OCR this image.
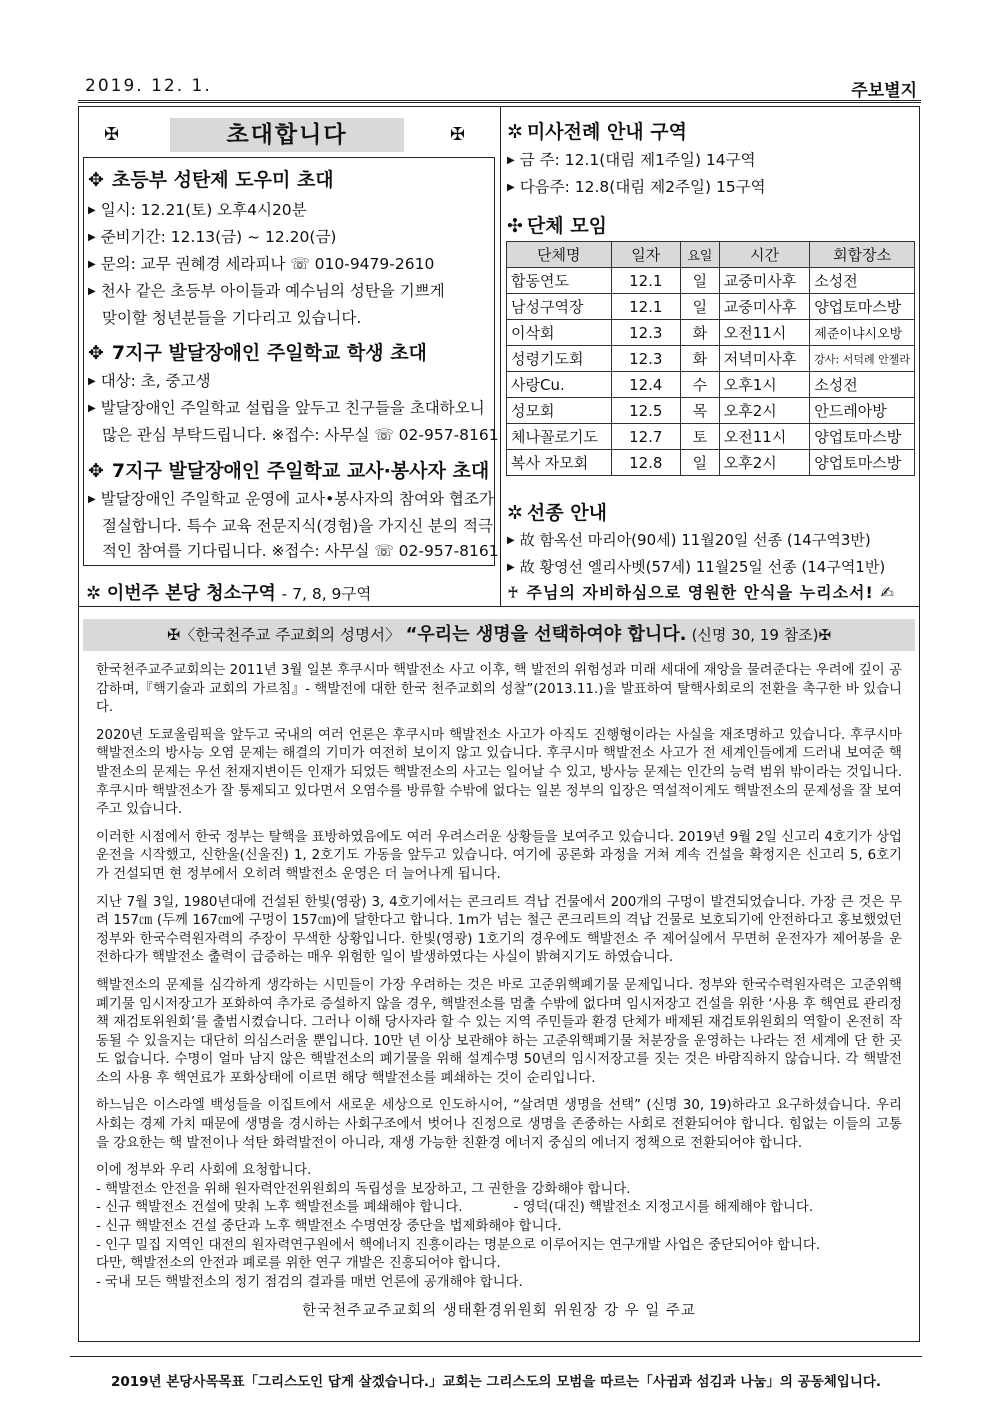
2019. 12. 1.	주보별지
✠	초대합니다	✠
✥ 초등부 성탄제 도우미 초대
▶ 일시: 12.21(토) 오후4시20분
▶ 준비기간: 12.13(금) ~ 12.20(금)
▶ 문의: 교무 권혜경 세라피나 ☏ 010-9479-2610
▶ 천사 같은 초등부 아이들과 예수님의 성탄을 기쁘게
맞이할 청년분들을 기다리고 있습니다.
✥ 7지구 발달장애인 주일학교 학생 초대
▶ 대상: 초, 중고생
▶ 발달장애인 주일학교 설립을 앞두고 친구들을 초대하오니
많은 관심 부탁드립니다. ※접수: 사무실 ☏ 02-957-8161
✥ 7지구 발달장애인 주일학교 교사·봉사자 초대
▶ 발달장애인 주일학교 운영에 교사•봉사자의 참여와 협조가
절실합니다. 특수 교육 전문지식(경험)을 가지신 분의 적극
적인 참여를 기다립니다. ※접수: 사무실 ☏ 02-957-8161
✲ 이번주 본당 청소구역 - 7, 8, 9구역
✲ 미사전례 안내 구역
▶ 금 주: 12.1(대림 제1주일) 14구역
▶ 다음주: 12.8(대림 제2주일) 15구역
✣ 단체 모임
단체명	일자	요일	시간	회합장소
합동연도	12.1	일	교중미사후	소성전
남성구역장	12.1	일	교중미사후	양업토마스방
이삭회	12.3	화	오전11시	제준이냐시오방
성령기도회	12.3	화	저녁미사후	강사: 서덕례 안젤라
사랑Cu.	12.4	수	오후1시	소성전
성모회	12.5	목	오후2시	안드레아방
체나꼴로기도	12.7	토	오전11시	양업토마스방
복사 자모회	12.8	일	오후2시	양업토마스방
✲ 선종 안내
▶ 故 함옥선 마리아(90세) 11월20일 선종 (14구역3반)
▶ 故 황영선 엘리사벳(57세) 11월25일 선종 (14구역1반)
♰ 주님의 자비하심으로 영원한 안식을 누리소서! ✍
✠〈한국천주교 주교회의 성명서〉 “우리는 생명을 선택하여야 합니다. (신명 30, 19 참조)✠

한국천주교주교회의는 2011년 3월 일본 후쿠시마 핵발전소 사고 이후, 핵 발전의 위험성과 미래 세대에 재앙을 물려준다는 우려에 깊이 공감하며,『핵기술과 교회의 가르침』- 핵발전에 대한 한국 천주교회의 성찰”(2013.11.)을 발표하여 탈핵사회로의 전환을 촉구한 바 있습니다.

2020년 도쿄올림픽을 앞두고 국내의 여러 언론은 후쿠시마 핵발전소 사고가 아직도 진행형이라는 사실을 재조명하고 있습니다. 후쿠시마 핵발전소의 방사능 오염 문제는 해결의 기미가 여전히 보이지 않고 있습니다. 후쿠시마 핵발전소 사고가 전 세계인들에게 드러내 보여준 핵발전소의 문제는 우선 천재지변이든 인재가 되었든 핵발전소의 사고는 일어날 수 있고, 방사능 문제는 인간의 능력 범위 밖이라는 것입니다. 후쿠시마 핵발전소가 잘 통제되고 있다면서 오염수를 방류할 수밖에 없다는 일본 정부의 입장은 역설적이게도 핵발전소의 문제성을 잘 보여주고 있습니다.

이러한 시점에서 한국 정부는 탈핵을 표방하였음에도 여러 우려스러운 상황들을 보여주고 있습니다. 2019년 9월 2일 신고리 4호기가 상업 운전을 시작했고, 신한울(신울진) 1, 2호기도 가동을 앞두고 있습니다. 여기에 공론화 과정을 거쳐 계속 건설을 확정지은 신고리 5, 6호기가 건설되면 현 정부에서 오히려 핵발전소 운영은 더 늘어나게 됩니다.

지난 7월 3일, 1980년대에 건설된 한빛(영광) 3, 4호기에서는 콘크리트 격납 건물에서 200개의 구멍이 발견되었습니다. 가장 큰 것은 무려 157㎝ (두께 167㎝에 구멍이 157㎝)에 달한다고 합니다. 1m가 넘는 철근 콘크리트의 격납 건물로 보호되기에 안전하다고 홍보했었던 정부와 한국수력원자력의 주장이 무색한 상황입니다. 한빛(영광) 1호기의 경우에도 핵발전소 주 제어실에서 무면허 운전자가 제어봉을 운전하다가 핵발전소 출력이 급증하는 매우 위험한 일이 발생하였다는 사실이 밝혀지기도 하였습니다.

핵발전소의 문제를 심각하게 생각하는 시민들이 가장 우려하는 것은 바로 고준위핵폐기물 문제입니다. 정부와 한국수력원자력은 고준위핵폐기물 임시저장고가 포화하여 추가로 증설하지 않을 경우, 핵발전소를 멈출 수밖에 없다며 임시저장고 건설을 위한 ‘사용 후 핵연료 관리정책 재검토위원회’를 출범시켰습니다. 그러나 이해 당사자라 할 수 있는 지역 주민들과 환경 단체가 배제된 재검토위원회의 역할이 온전히 작동될 수 있을지는 대단히 의심스러울 뿐입니다. 10만 년 이상 보관해야 하는 고준위핵폐기물 처분장을 운영하는 나라는 전 세계에 단 한 곳도 없습니다. 수명이 얼마 남지 않은 핵발전소의 폐기물을 위해 설계수명 50년의 임시저장고를 짓는 것은 바람직하지 않습니다. 각 핵발전소의 사용 후 핵연료가 포화상태에 이르면 해당 핵발전소를 폐쇄하는 것이 순리입니다.

하느님은 이스라엘 백성들을 이집트에서 새로운 세상으로 인도하시어, “살려면 생명을 선택” (신명 30, 19)하라고 요구하셨습니다. 우리 사회는 경제 가치 때문에 생명을 경시하는 사회구조에서 벗어나 진정으로 생명을 존중하는 사회로 전환되어야 합니다. 힘없는 이들의 고통을 강요한는 핵 발전이나 석탄 화력발전이 아니라, 재생 가능한 친환경 에너지 중심의 에너지 정책으로 전환되어야 합니다.

이에 정부와 우리 사회에 요청합니다.
- 핵발전소 안전을 위해 원자력안전위원회의 독립성을 보장하고, 그 권한을 강화해야 합니다.
- 신규 핵발전소 건설에 맞춰 노후 핵발전소를 폐쇄해야 합니다.            - 영덕(대진) 핵발전소 지정고시를 해제해야 합니다.
- 신규 핵발전소 건설 중단과 노후 핵발전소 수명연장 중단을 법제화해야 합니다.
- 인구 밀집 지역인 대전의 원자력연구원에서 핵에너지 진흥이라는 명분으로 이루어지는 연구개발 사업은 중단되어야 합니다.
다만, 핵발전소의 안전과 폐로를 위한 연구 개발은 진흥되어야 합니다.
- 국내 모든 핵발전소의 정기 점검의 결과를 매번 언론에 공개해야 합니다.
한국천주교주교회의 생태환경위원회 위원장 강 우 일 주교
2019년 본당사목목표「그리스도인 답게 살겠습니다.」교회는 그리스도의 모범을 따르는「사귐과 섬김과 나눔」의 공동체입니다.
